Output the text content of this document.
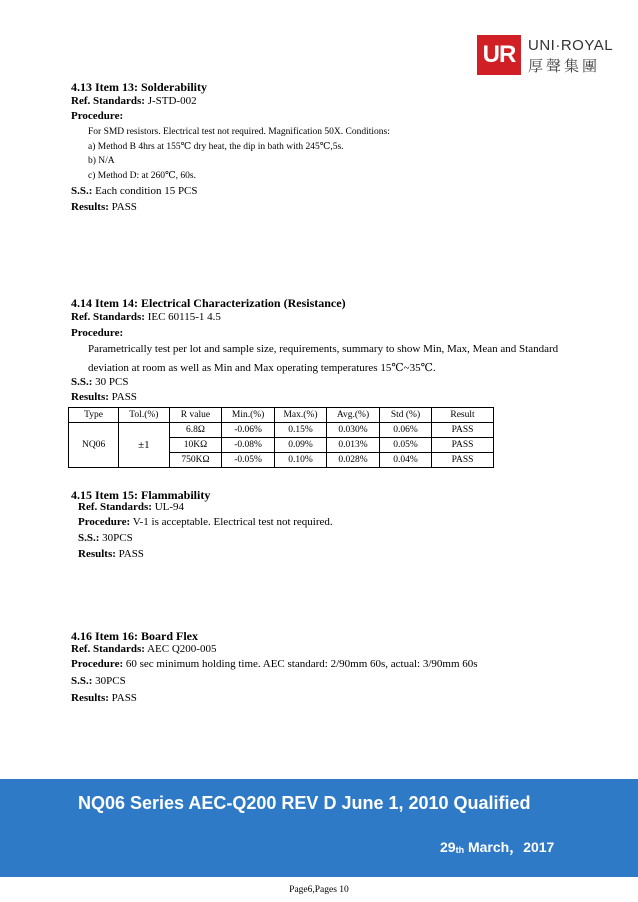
UR UNI·ROYAL
厚聲集團
4.13 Item 13: Solderability
Ref. Standards: J-STD-002
Procedure:
For SMD resistors. Electrical test not required. Magnification 50X. Conditions:
a) Method B 4hrs at 155℃ dry heat, the dip in bath with 245℃,5s.
b) N/A
c) Method D: at 260℃, 60s.
S.S.: Each condition 15 PCS
Results: PASS
4.14 Item 14: Electrical Characterization (Resistance)
Ref. Standards: IEC 60115-1 4.5
Procedure:
Parametrically test per lot and sample size, requirements, summary to show Min, Max, Mean and Standard deviation at room as well as Min and Max operating temperatures 15℃~35℃.
S.S.: 30 PCS
Results: PASS
Type	Tol.(%)	R value	Min.(%)	Max.(%)	Avg.(%)	Std (%)	Result
NQ06	±1	6.8Ω	-0.06%	0.15%	0.030%	0.06%	PASS
		10KΩ	-0.08%	0.09%	0.013%	0.05%	PASS
		750KΩ	-0.05%	0.10%	0.028%	0.04%	PASS
4.15 Item 15: Flammability
Ref. Standards: UL-94
Procedure: V-1 is acceptable. Electrical test not required.
S.S.: 30PCS
Results: PASS
4.16 Item 16: Board Flex
Ref. Standards: AEC Q200-005
Procedure: 60 sec minimum holding time. AEC standard: 2/90mm 60s, actual: 3/90mm 60s
S.S.: 30PCS
Results: PASS
NQ06 Series AEC-Q200 REV D June 1, 2010 Qualified
$29_{th}$ March，2017
Page6,Pages 10
